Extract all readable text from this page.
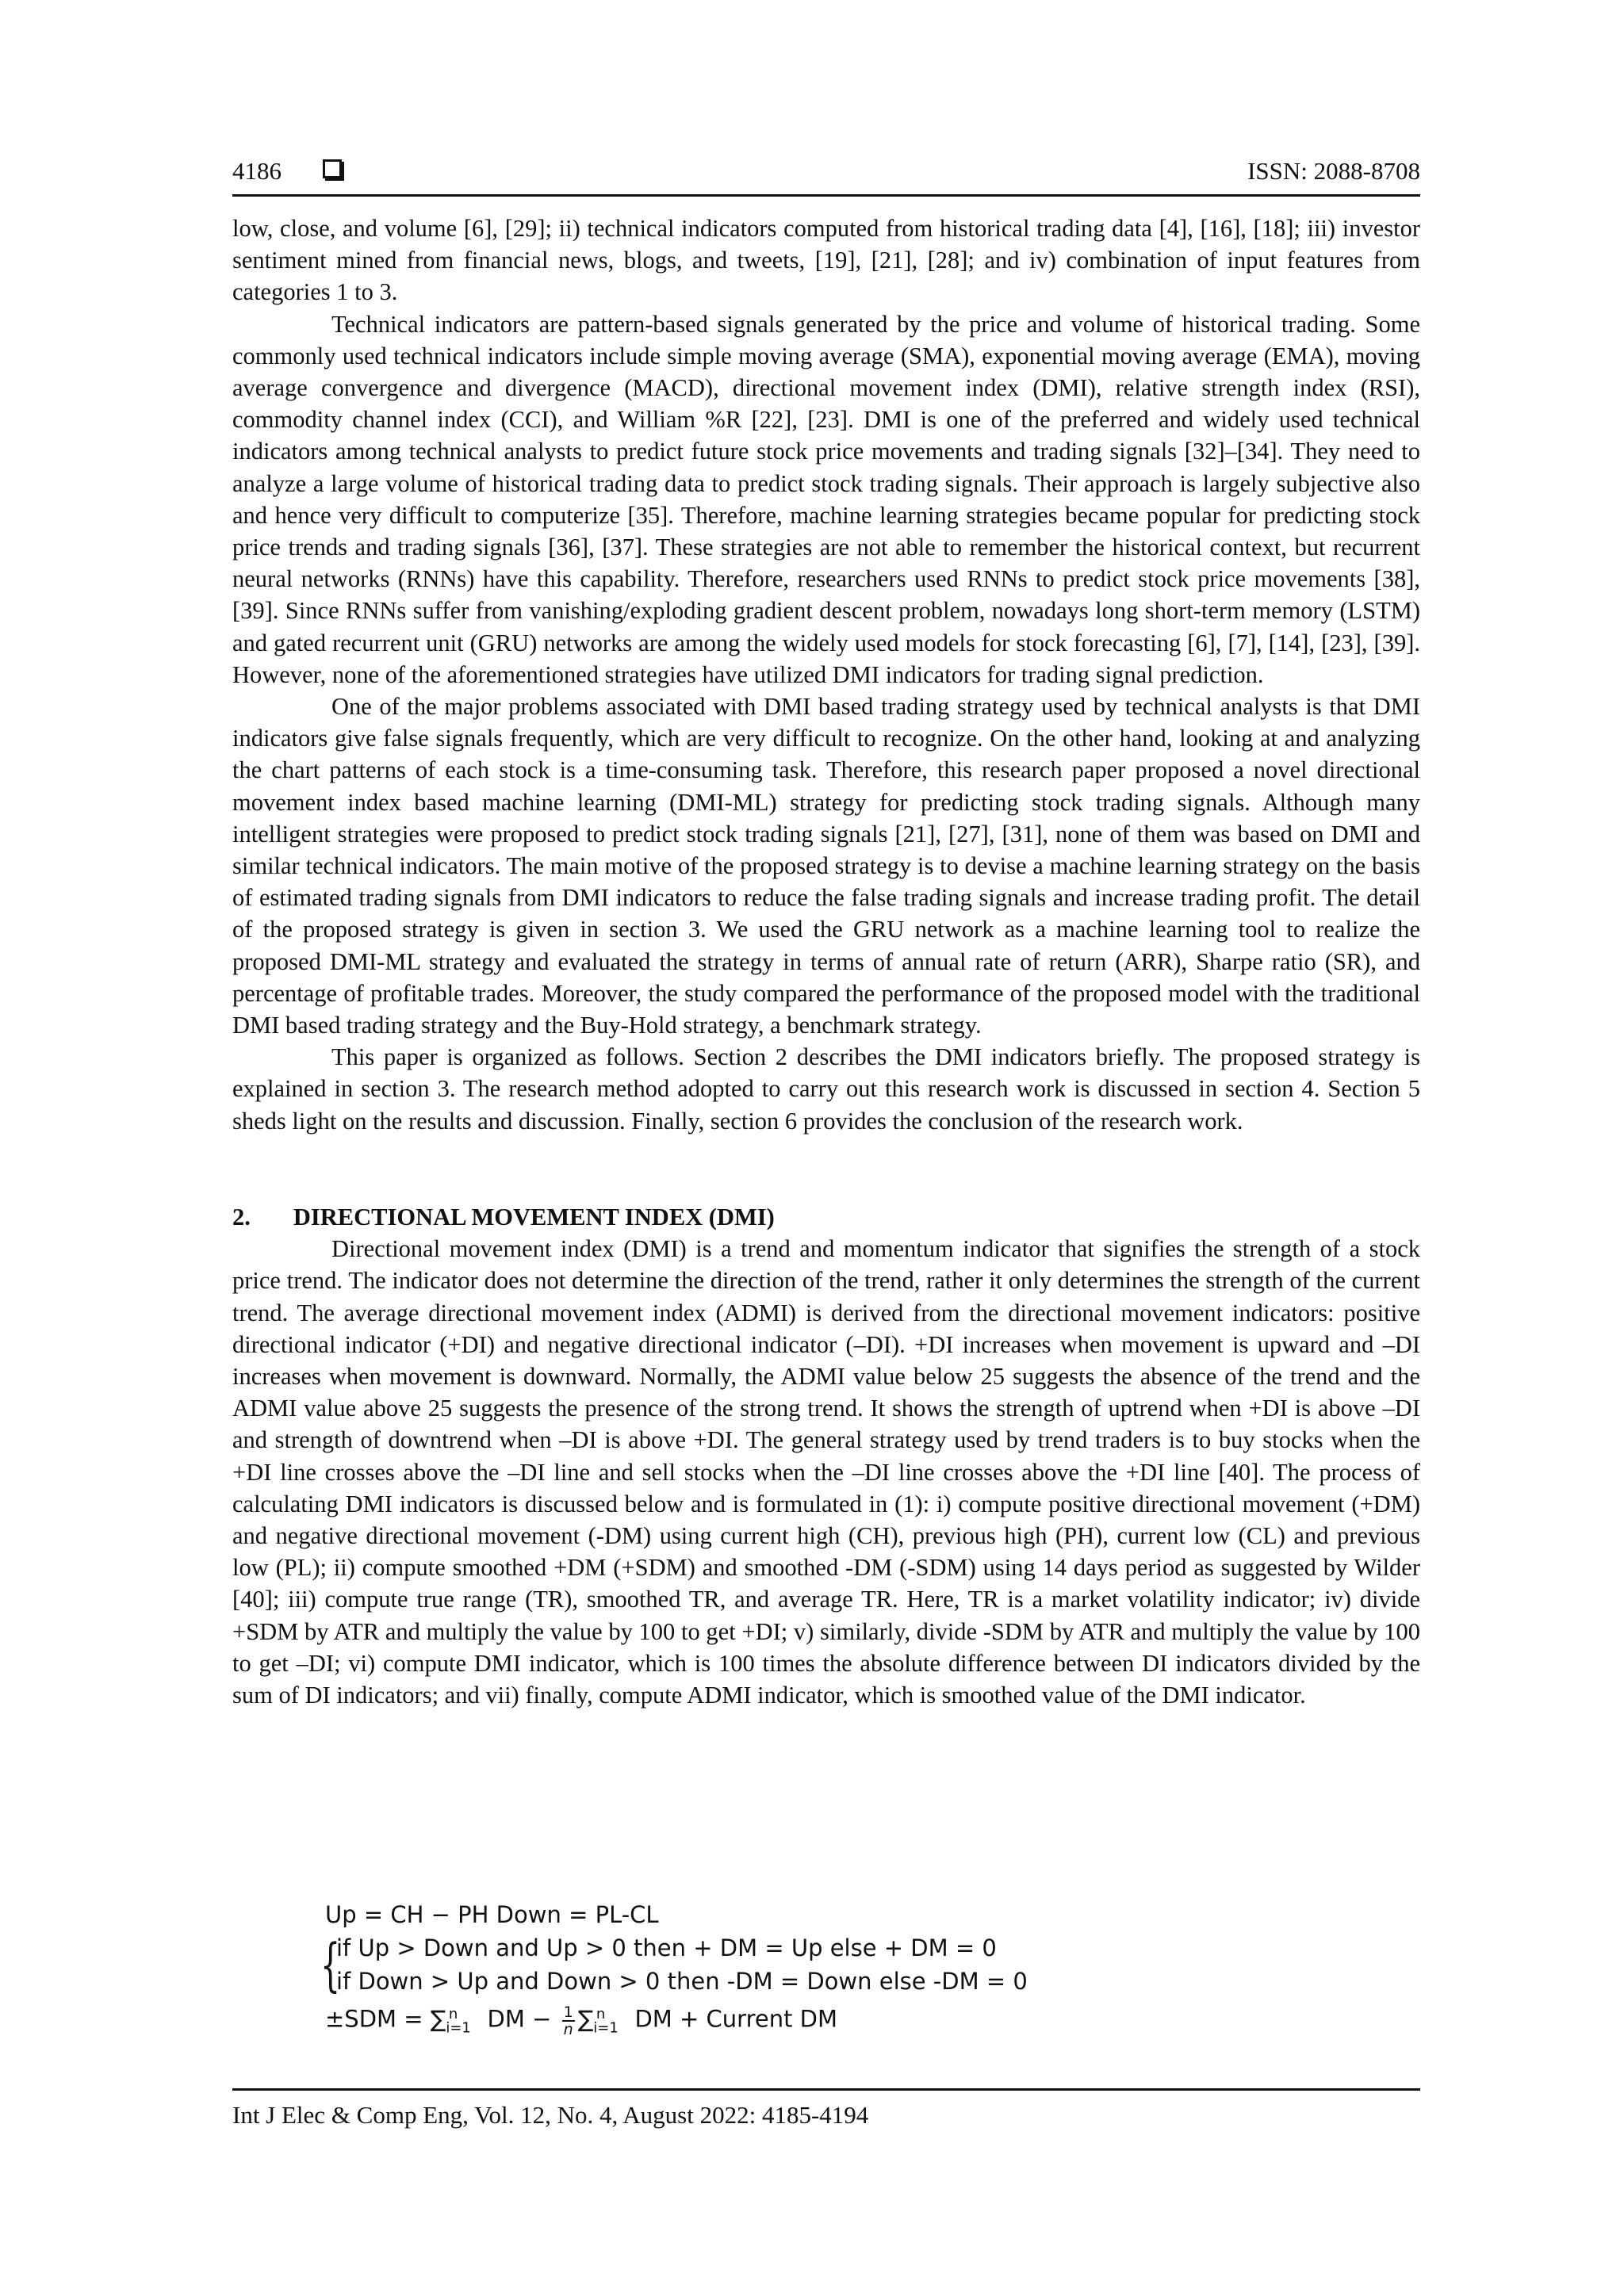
4186	ISSN: 2088-8708

low, close, and volume [6], [29]; ii) technical indicators computed from historical trading data [4], [16], [18]; iii) investor sentiment mined from financial news, blogs, and tweets, [19], [21], [28]; and iv) combination of input features from categories 1 to 3.

Technical indicators are pattern-based signals generated by the price and volume of historical trading. Some commonly used technical indicators include simple moving average (SMA), exponential moving average (EMA), moving average convergence and divergence (MACD), directional movement index (DMI), relative strength index (RSI), commodity channel index (CCI), and William %R [22], [23]. DMI is one of the preferred and widely used technical indicators among technical analysts to predict future stock price movements and trading signals [32]–[34]. They need to analyze a large volume of historical trading data to predict stock trading signals. Their approach is largely subjective also and hence very difficult to computerize [35]. Therefore, machine learning strategies became popular for predicting stock price trends and trading signals [36], [37]. These strategies are not able to remember the historical context, but recurrent neural networks (RNNs) have this capability. Therefore, researchers used RNNs to predict stock price movements [38], [39]. Since RNNs suffer from vanishing/exploding gradient descent problem, nowadays long short-term memory (LSTM) and gated recurrent unit (GRU) networks are among the widely used models for stock forecasting [6], [7], [14], [23], [39]. However, none of the aforementioned strategies have utilized DMI indicators for trading signal prediction.

One of the major problems associated with DMI based trading strategy used by technical analysts is that DMI indicators give false signals frequently, which are very difficult to recognize. On the other hand, looking at and analyzing the chart patterns of each stock is a time-consuming task. Therefore, this research paper proposed a novel directional movement index based machine learning (DMI-ML) strategy for predicting stock trading signals. Although many intelligent strategies were proposed to predict stock trading signals [21], [27], [31], none of them was based on DMI and similar technical indicators. The main motive of the proposed strategy is to devise a machine learning strategy on the basis of estimated trading signals from DMI indicators to reduce the false trading signals and increase trading profit. The detail of the proposed strategy is given in section 3. We used the GRU network as a machine learning tool to realize the proposed DMI-ML strategy and evaluated the strategy in terms of annual rate of return (ARR), Sharpe ratio (SR), and percentage of profitable trades. Moreover, the study compared the performance of the proposed model with the traditional DMI based trading strategy and the Buy-Hold strategy, a benchmark strategy.

This paper is organized as follows. Section 2 describes the DMI indicators briefly. The proposed strategy is explained in section 3. The research method adopted to carry out this research work is discussed in section 4. Section 5 sheds light on the results and discussion. Finally, section 6 provides the conclusion of the research work.

2. DIRECTIONAL MOVEMENT INDEX (DMI)

Directional movement index (DMI) is a trend and momentum indicator that signifies the strength of a stock price trend. The indicator does not determine the direction of the trend, rather it only determines the strength of the current trend. The average directional movement index (ADMI) is derived from the directional movement indicators: positive directional indicator (+DI) and negative directional indicator (–DI). +DI increases when movement is upward and –DI increases when movement is downward. Normally, the ADMI value below 25 suggests the absence of the trend and the ADMI value above 25 suggests the presence of the strong trend. It shows the strength of uptrend when +DI is above –DI and strength of downtrend when –DI is above +DI. The general strategy used by trend traders is to buy stocks when the +DI line crosses above the –DI line and sell stocks when the –DI line crosses above the +DI line [40]. The process of calculating DMI indicators is discussed below and is formulated in (1): i) compute positive directional movement (+DM) and negative directional movement (-DM) using current high (CH), previous high (PH), current low (CL) and previous low (PL); ii) compute smoothed +DM (+SDM) and smoothed -DM (-SDM) using 14 days period as suggested by Wilder [40]; iii) compute true range (TR), smoothed TR, and average TR. Here, TR is a market volatility indicator; iv) divide +SDM by ATR and multiply the value by 100 to get +DI; v) similarly, divide -SDM by ATR and multiply the value by 100 to get –DI; vi) compute DMI indicator, which is 100 times the absolute difference between DI indicators divided by the sum of DI indicators; and vii) finally, compute ADMI indicator, which is smoothed value of the DMI indicator.

Up = CH − PH Down = PL-CL
{
if Up > Down and Up > 0 then + DM = Up else + DM = 0
if Down > Up and Down > 0 then -DM = Down else -DM = 0
$\pm SDM = \sum_{i=1}^n$ DM − $\frac{1}{n} \sum_{i=1}^n$ DM + Current DM
Int J Elec & Comp Eng, Vol. 12, No. 4, August 2022: 4185-4194
